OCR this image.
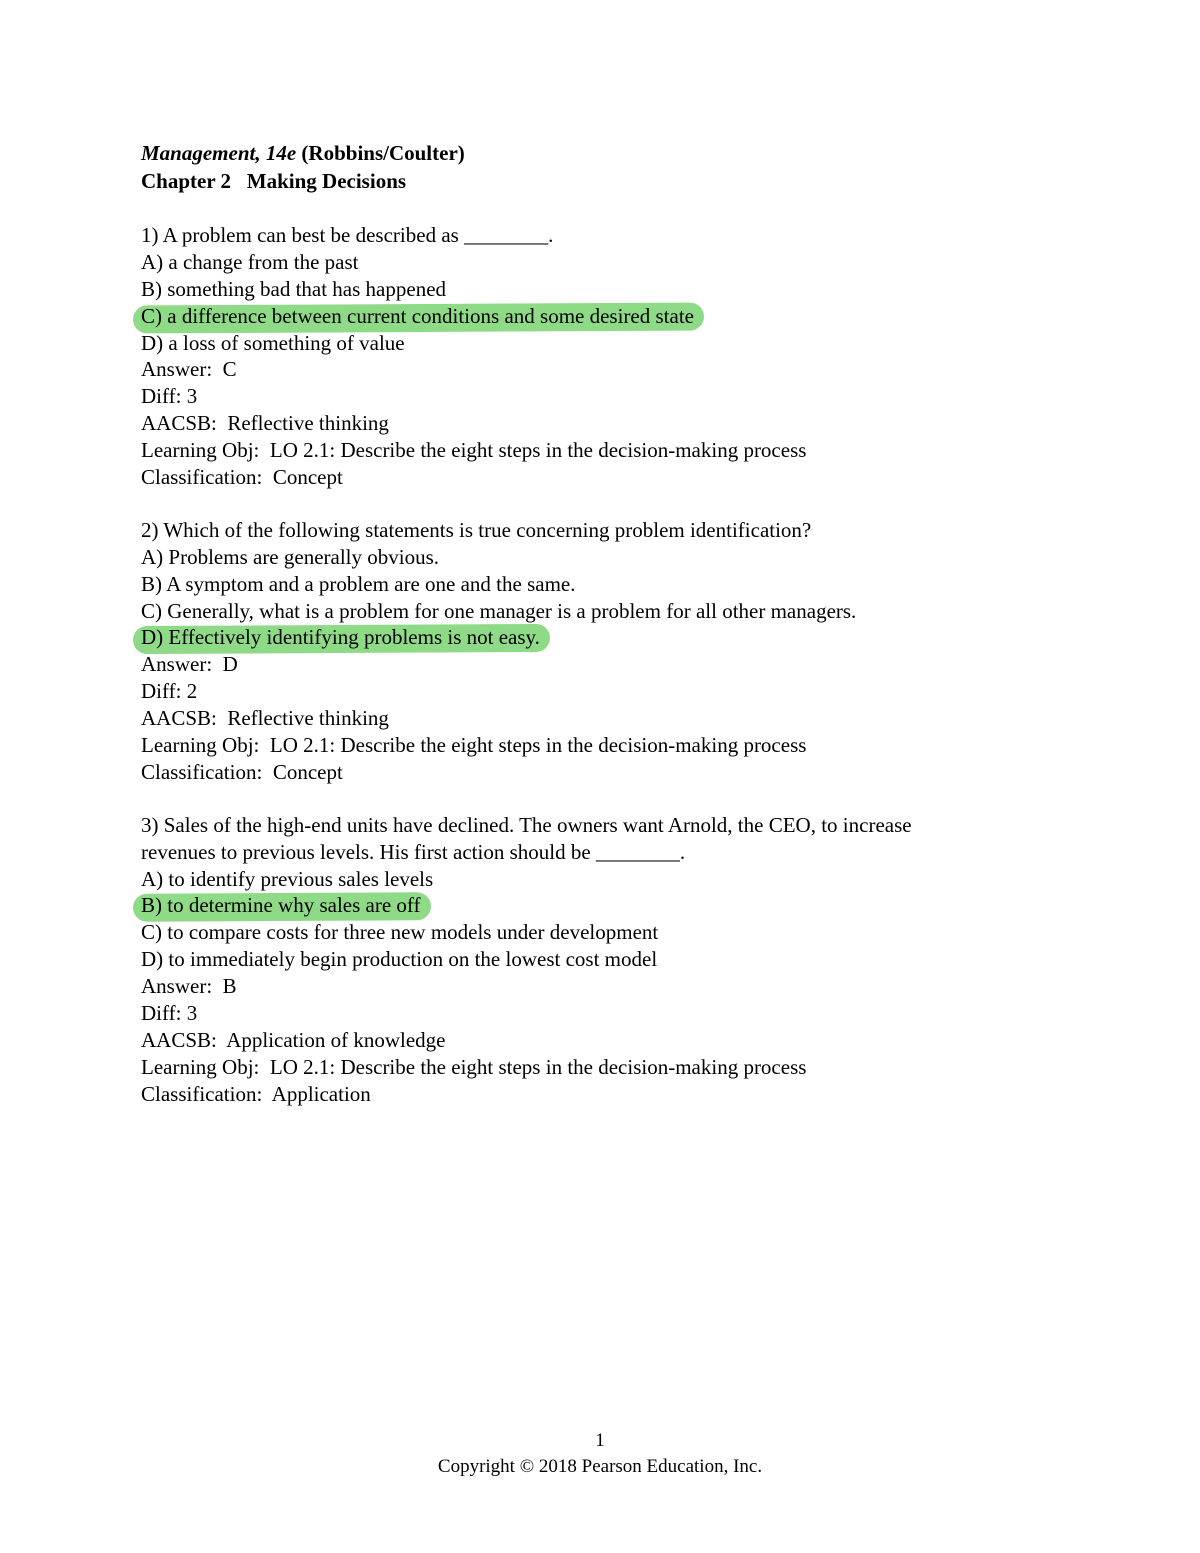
Management, 14e (Robbins/Coulter)
Chapter 2   Making Decisions
1) A problem can best be described as ________.
A) a change from the past
B) something bad that has happened
C) a difference between current conditions and some desired state
D) a loss of something of value
Answer:  C
Diff: 3
AACSB:  Reflective thinking
Learning Obj:  LO 2.1: Describe the eight steps in the decision-making process
Classification:  Concept
2) Which of the following statements is true concerning problem identification?
A) Problems are generally obvious.
B) A symptom and a problem are one and the same.
C) Generally, what is a problem for one manager is a problem for all other managers.
D) Effectively identifying problems is not easy.
Answer:  D
Diff: 2
AACSB:  Reflective thinking
Learning Obj:  LO 2.1: Describe the eight steps in the decision-making process
Classification:  Concept
3) Sales of the high-end units have declined. The owners want Arnold, the CEO, to increase
revenues to previous levels. His first action should be ________.
A) to identify previous sales levels
B) to determine why sales are off
C) to compare costs for three new models under development
D) to immediately begin production on the lowest cost model
Answer:  B
Diff: 3
AACSB:  Application of knowledge
Learning Obj:  LO 2.1: Describe the eight steps in the decision-making process
Classification:  Application
1
Copyright © 2018 Pearson Education, Inc.
